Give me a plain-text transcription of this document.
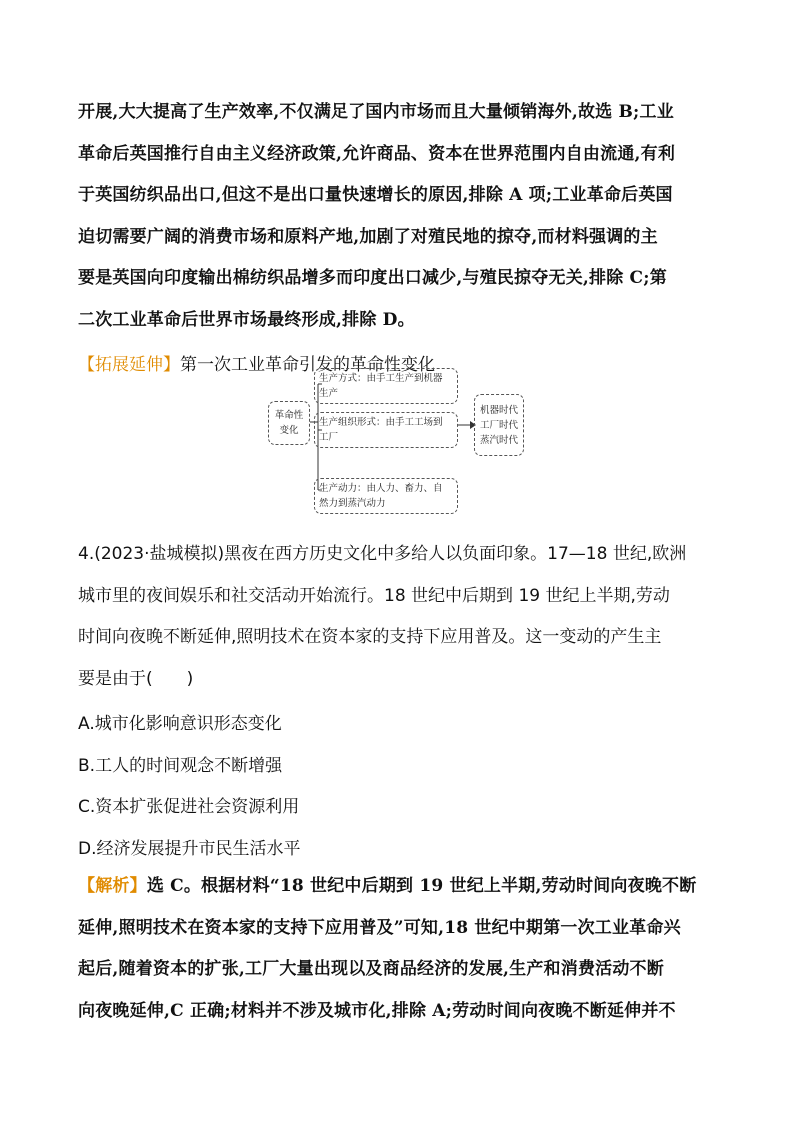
开展,大大提高了生产效率,不仅满足了国内市场而且大量倾销海外,故选 B;工业
革命后英国推行自由主义经济政策,允许商品、资本在世界范围内自由流通,有利
于英国纺织品出口,但这不是出口量快速增长的原因,排除 A 项;工业革命后英国
迫切需要广阔的消费市场和原料产地,加剧了对殖民地的掠夺,而材料强调的主
要是英国向印度输出棉纺织品增多而印度出口减少,与殖民掠夺无关,排除 C;第
二次工业革命后世界市场最终形成,排除 D。
【拓展延伸】第一次工业革命引发的革命性变化
革命性
变化
生产方式：由手工生产到机器
生产
生产组织形式：由手工工场到
工厂
生产动力：由人力、畜力、自
然力到蒸汽动力
机器时代
工厂时代
蒸汽时代
4.(2023·盐城模拟)黑夜在西方历史文化中多给人以负面印象。17—18 世纪,欧洲
城市里的夜间娱乐和社交活动开始流行。18 世纪中后期到 19 世纪上半期,劳动
时间向夜晚不断延伸,照明技术在资本家的支持下应用普及。这一变动的产生主
要是由于(　　)
A.城市化影响意识形态变化
B.工人的时间观念不断增强
C.资本扩张促进社会资源利用
D.经济发展提升市民生活水平
【解析】选 C。根据材料“18 世纪中后期到 19 世纪上半期,劳动时间向夜晚不断
延伸,照明技术在资本家的支持下应用普及”可知,18 世纪中期第一次工业革命兴
起后,随着资本的扩张,工厂大量出现以及商品经济的发展,生产和消费活动不断
向夜晚延伸,C 正确;材料并不涉及城市化,排除 A;劳动时间向夜晚不断延伸并不
